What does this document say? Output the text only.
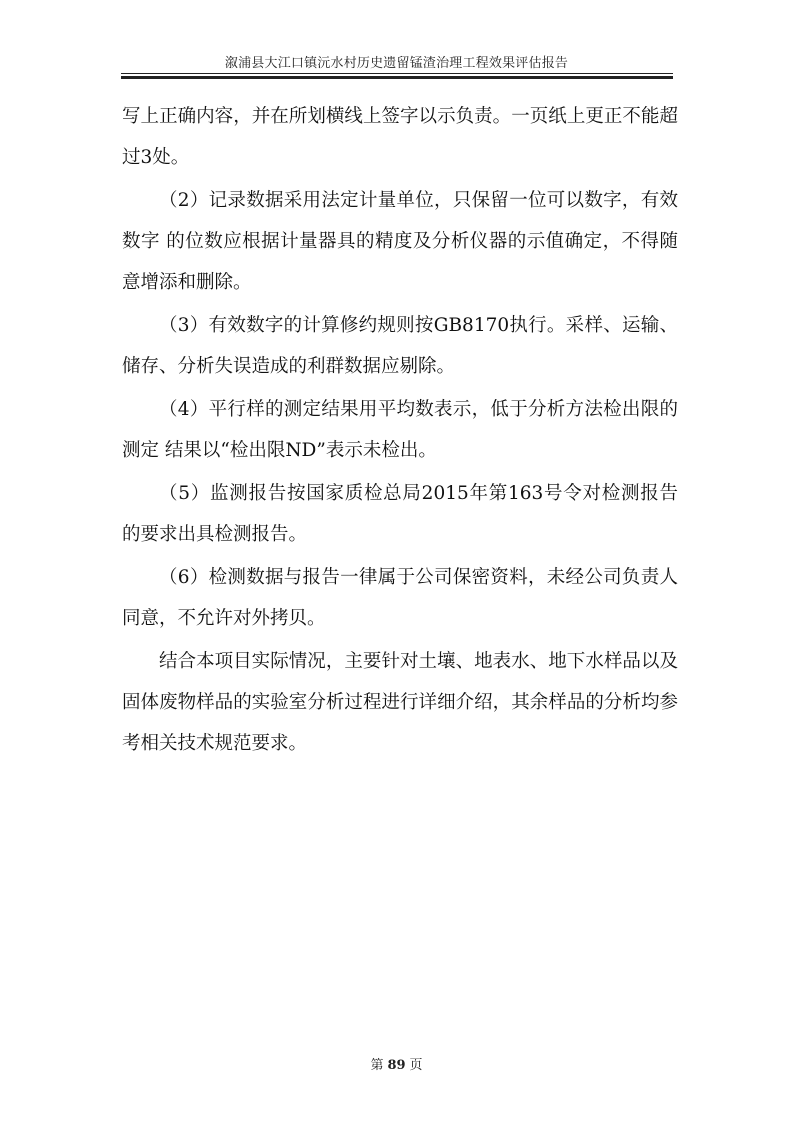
溆浦县大江口镇沅水村历史遗留锰渣治理工程效果评估报告

写上正确内容，并在所划横线上签字以示负责。一页纸上更正不能超过3处。

（2）记录数据采用法定计量单位，只保留一位可以数字，有效数字 的位数应根据计量器具的精度及分析仪器的示值确定，不得随意增添和删除。

（3）有效数字的计算修约规则按GB8170执行。采样、运输、储存、分析失误造成的利群数据应剔除。

（4）平行样的测定结果用平均数表示，低于分析方法检出限的测定 结果以“检出限ND”表示未检出。

（5）监测报告按国家质检总局2015年第163号令对检测报告的要求出具检测报告。

（6）检测数据与报告一律属于公司保密资料，未经公司负责人同意，不允许对外拷贝。

结合本项目实际情况，主要针对土壤、地表水、地下水样品以及固体废物样品的实验室分析过程进行详细介绍，其余样品的分析均参考相关技术规范要求。

第 89 页
